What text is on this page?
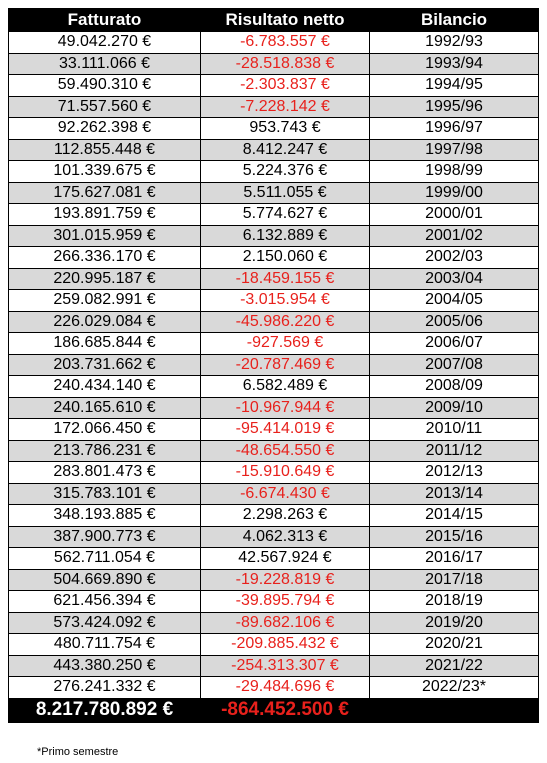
Fatturato	Risultato netto	Bilancio
49.042.270 €	-6.783.557 €	1992/93
33.111.066 €	-28.518.838 €	1993/94
59.490.310 €	-2.303.837 €	1994/95
71.557.560 €	-7.228.142 €	1995/96
92.262.398 €	953.743 €	1996/97
112.855.448 €	8.412.247 €	1997/98
101.339.675 €	5.224.376 €	1998/99
175.627.081 €	5.511.055 €	1999/00
193.891.759 €	5.774.627 €	2000/01
301.015.959 €	6.132.889 €	2001/02
266.336.170 €	2.150.060 €	2002/03
220.995.187 €	-18.459.155 €	2003/04
259.082.991 €	-3.015.954 €	2004/05
226.029.084 €	-45.986.220 €	2005/06
186.685.844 €	-927.569 €	2006/07
203.731.662 €	-20.787.469 €	2007/08
240.434.140 €	6.582.489 €	2008/09
240.165.610 €	-10.967.944 €	2009/10
172.066.450 €	-95.414.019 €	2010/11
213.786.231 €	-48.654.550 €	2011/12
283.801.473 €	-15.910.649 €	2012/13
315.783.101 €	-6.674.430 €	2013/14
348.193.885 €	2.298.263 €	2014/15
387.900.773 €	4.062.313 €	2015/16
562.711.054 €	42.567.924 €	2016/17
504.669.890 €	-19.228.819 €	2017/18
621.456.394 €	-39.895.794 €	2018/19
573.424.092 €	-89.682.106 €	2019/20
480.711.754 €	-209.885.432 €	2020/21
443.380.250 €	-254.313.307 €	2021/22
276.241.332 €	-29.484.696 €	2022/23*
8.217.780.892 €	-864.452.500 €	
*Primo semestre
